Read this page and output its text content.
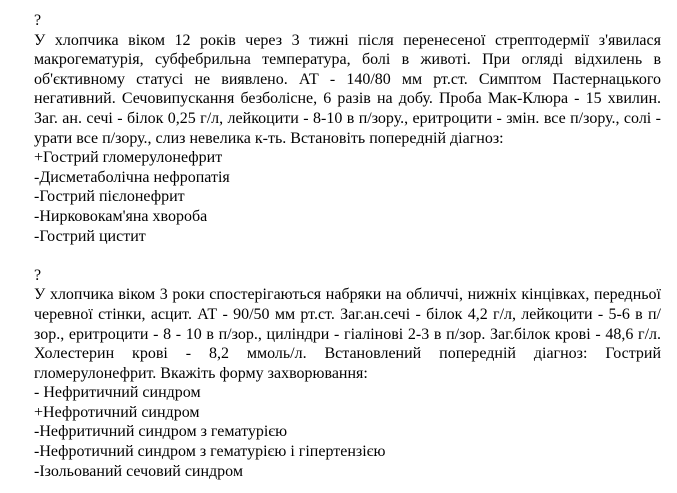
?

У хлопчика віком 12 років через 3 тижні після перенесеної стрептодермії з'явилася макрогематурія, субфебрильна температура, болі в животі. При огляді відхилень в об'єктивному статусі не виявлено. АТ - 140/80 мм рт.ст. Симптом Пастернацького негативний. Сечовипускання безболісне, 6 разів на добу. Проба Мак-Клюра - 15 хвилин. Заг. ан. сечі - білок 0,25 г/л, лейкоцити - 8-10 в п/зору., еритроцити - змін. все п/зору., солі - урати все п/зору., слиз невелика к-ть. Встановіть попередній діагноз:

+Гострий гломерулонефрит
-Дисметаболічна нефропатія
-Гострий пієлонефрит
-Нирковокам'яна хвороба
-Гострий цистит
?

У хлопчика віком 3 роки спостерігаються набряки на обличчі, нижніх кінцівках, передньої черевної стінки, асцит. АТ - 90/50 мм рт.ст. Заг.ан.сечі - білок 4,2 г/л, лейкоцити - 5-6 в п/зор., еритроцити - 8 - 10 в п/зор., циліндри - гіалінові 2-3 в п/зор. Заг.білок крові - 48,6 г/л. Холестерин крові - 8,2 ммоль/л. Встановлений попередній діагноз: Гострий гломерулонефрит. Вкажіть форму захворювання:

- Нефритичний синдром
+Нефротичний синдром
-Нефритичний синдром з гематурією
-Нефротичний синдром з гематурією і гіпертензією
-Ізольований сечовий синдром
